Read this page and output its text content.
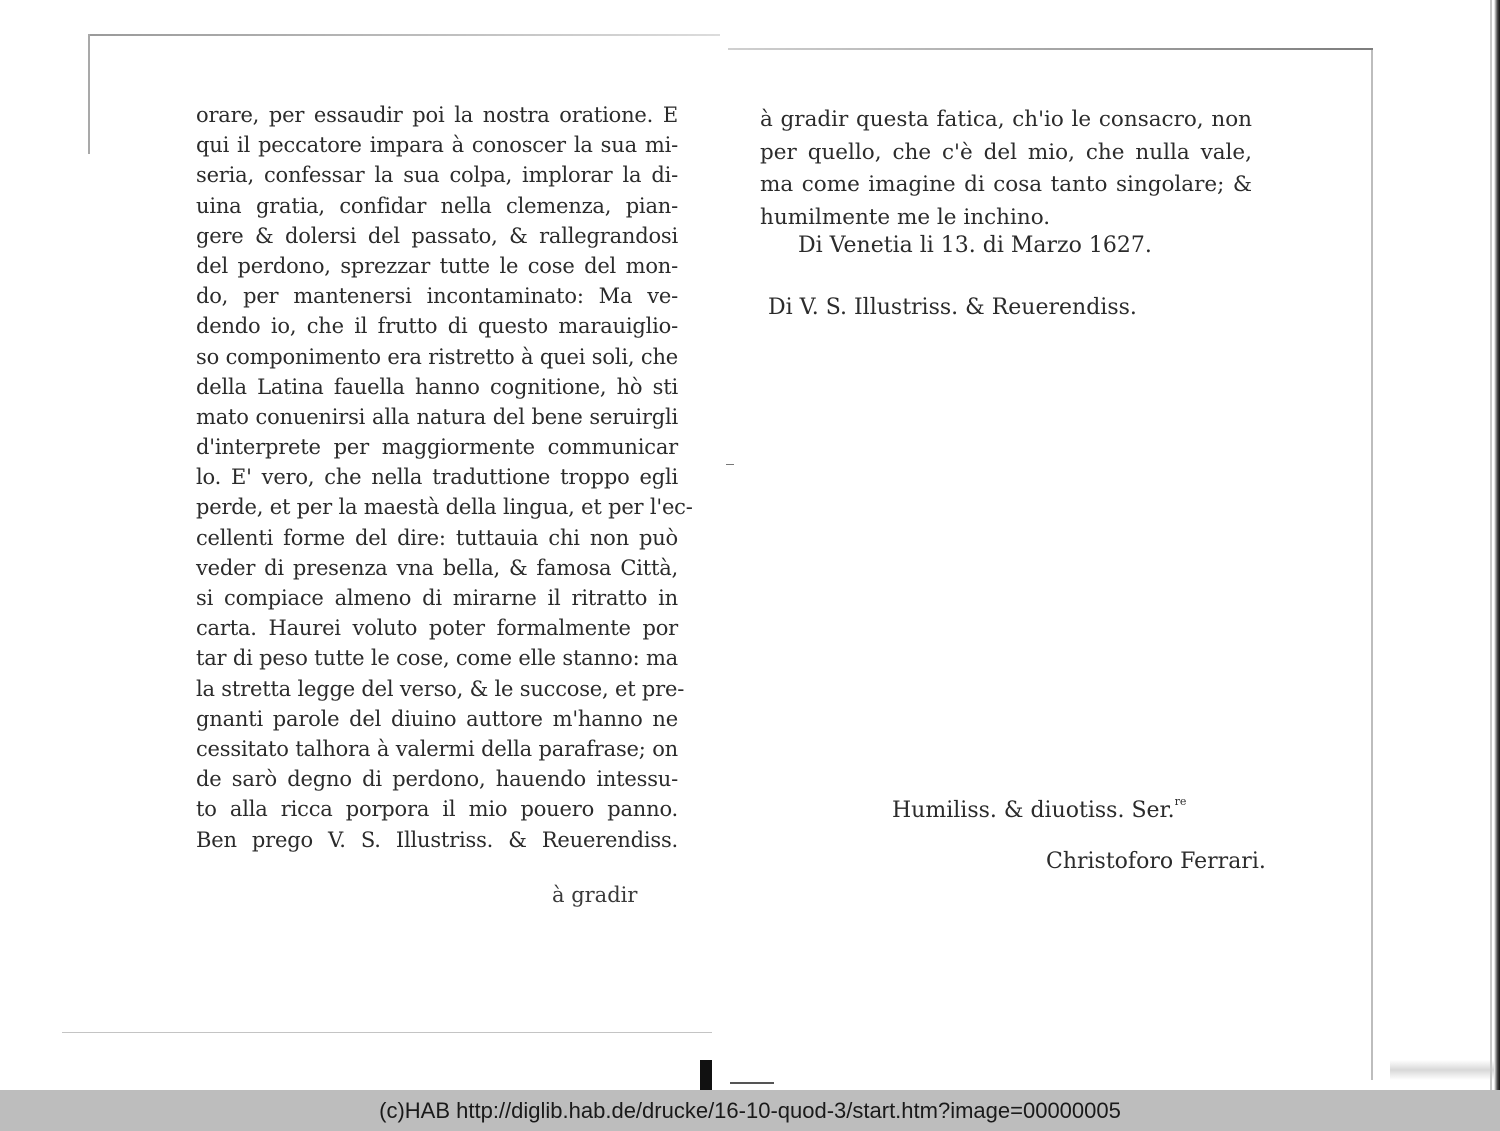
orare, per essaudir poi la nostra oratione. E
qui il peccatore impara à conoscer la sua mi-
seria, confessar la sua colpa, implorar la di-
uina gratia, confidar nella clemenza, pian-
gere & dolersi del passato, & rallegrandosi
del perdono, sprezzar tutte le cose del mon-
do, per mantenersi incontaminato: Ma ve-
dendo io, che il frutto di questo marauiglio-
so componimento era ristretto à quei soli, che
della Latina fauella hanno cognitione, hò sti
mato conuenirsi alla natura del bene seruirgli
d'interprete per maggiormente communicar
lo. E' vero, che nella traduttione troppo egli
perde, et per la maestà della lingua, et per l'ec-
cellenti forme del dire: tuttauia chi non può
veder di presenza vna bella, & famosa Città,
si compiace almeno di mirarne il ritratto in
carta. Haurei voluto poter formalmente por
tar di peso tutte le cose, come elle stanno: ma
la stretta legge del verso, & le succose, et pre-
gnanti parole del diuino auttore m'hanno ne
cessitato talhora à valermi della parafrase; on
de sarò degno di perdono, hauendo intessu-
to alla ricca porpora il mio pouero panno.
Ben prego V. S. Illustriss. & Reuerendiss.
à gradir
à gradir questa fatica, ch'io le consacro, non
per quello, che c'è del mio, che nulla vale,
ma come imagine di cosa tanto singolare; &
humilmente me le inchino.
Di Venetia li 13. di Marzo 1627.
Di V. S. Illustriss. & Reuerendiss.
Humiliss. & diuotiss. Ser.$^{re}$
Christoforo Ferrari.
(c)HAB http://diglib.hab.de/drucke/16-10-quod-3/start.htm?image=00000005
